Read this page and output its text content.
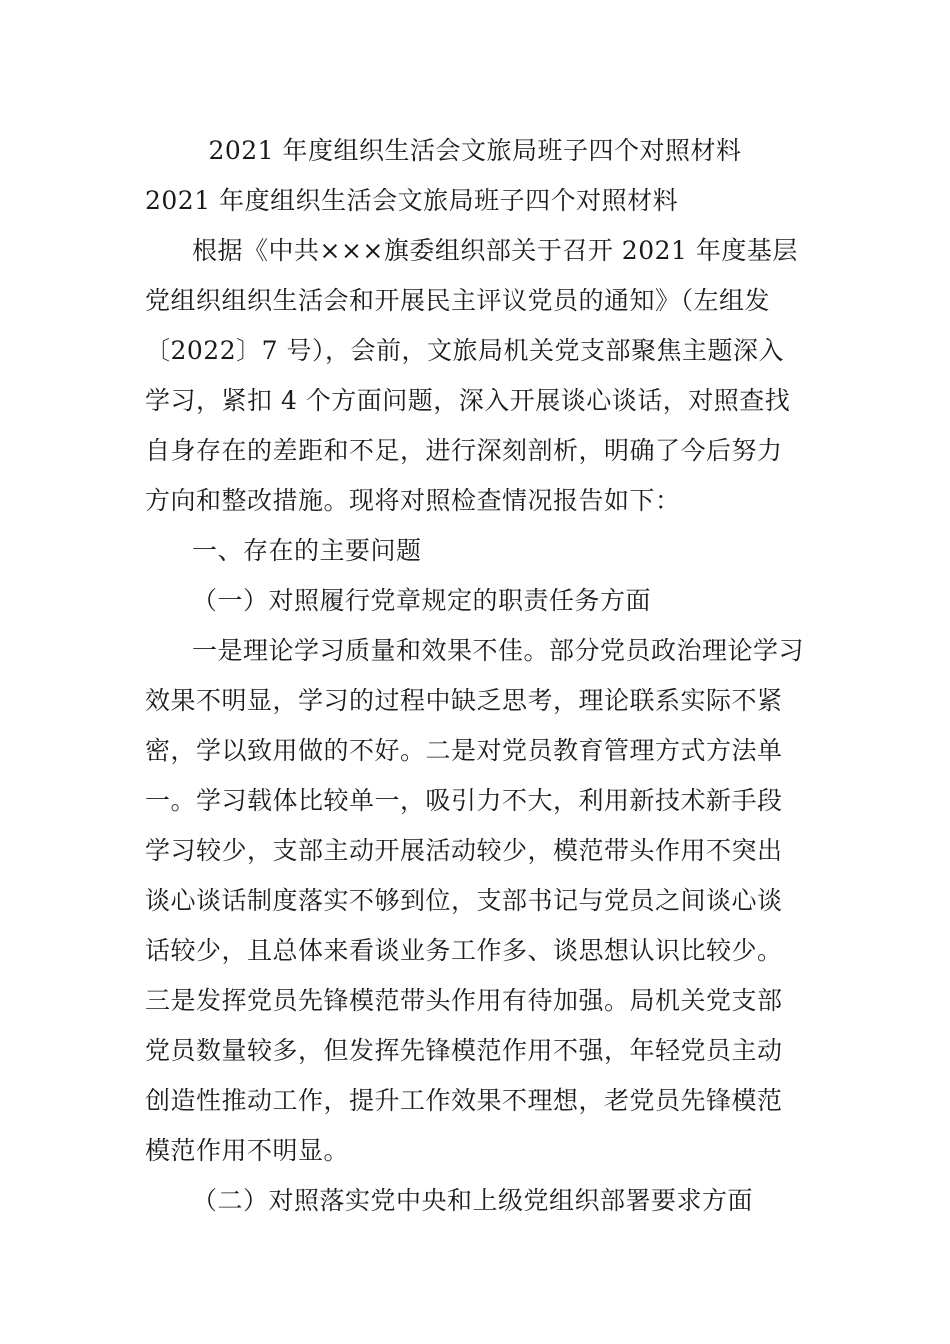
2021 年度组织生活会文旅局班子四个对照材料
2021 年度组织生活会文旅局班子四个对照材料
根据《中共×××旗委组织部关于召开 2021 年度基层
党组织组织生活会和开展民主评议党员的通知》（左组发
〔2022〕7 号），会前，文旅局机关党支部聚焦主题深入
学习，紧扣 4 个方面问题，深入开展谈心谈话，对照查找
自身存在的差距和不足，进行深刻剖析，明确了今后努力
方向和整改措施。现将对照检查情况报告如下：
一、存在的主要问题
（一）对照履行党章规定的职责任务方面
一是理论学习质量和效果不佳。部分党员政治理论学习
效果不明显，学习的过程中缺乏思考，理论联系实际不紧
密，学以致用做的不好。二是对党员教育管理方式方法单
一。学习载体比较单一，吸引力不大，利用新技术新手段
学习较少，支部主动开展活动较少，模范带头作用不突出
谈心谈话制度落实不够到位，支部书记与党员之间谈心谈
话较少，且总体来看谈业务工作多、谈思想认识比较少。
三是发挥党员先锋模范带头作用有待加强。局机关党支部
党员数量较多，但发挥先锋模范作用不强，年轻党员主动
创造性推动工作，提升工作效果不理想，老党员先锋模范
模范作用不明显。
（二）对照落实党中央和上级党组织部署要求方面
